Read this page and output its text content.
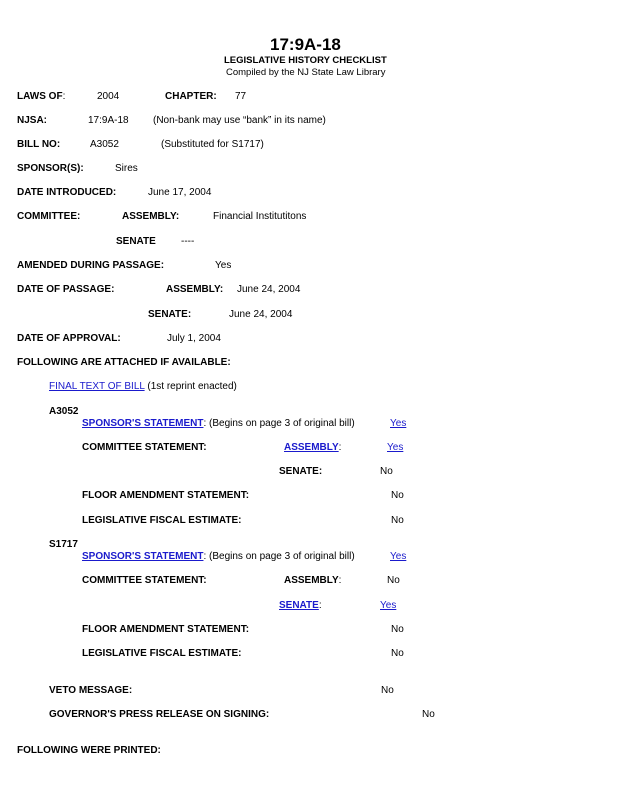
17:9A-18
LEGISLATIVE HISTORY CHECKLIST
Compiled by the NJ State Law Library
LAWS OF:	2004	CHAPTER: 77
NJSA:	17:9A-18 (Non-bank may use “bank” in its name)
BILL NO:	A3052	(Substituted for S1717)
SPONSOR(S):	Sires
DATE INTRODUCED:	June 17, 2004
COMMITTEE:	ASSEMBLY:	Financial Institutitons
SENATE	----
AMENDED DURING PASSAGE:	Yes
DATE OF PASSAGE:	ASSEMBLY: June 24, 2004
SENATE:	June 24, 2004
DATE OF APPROVAL:	July 1, 2004
FOLLOWING ARE ATTACHED IF AVAILABLE:
FINAL TEXT OF BILL (1st reprint enacted)
A3052
SPONSOR'S STATEMENT: (Begins on page 3 of original bill)	Yes
COMMITTEE STATEMENT:	ASSEMBLY:	Yes
SENATE:	No
FLOOR AMENDMENT STATEMENT:	No
LEGISLATIVE FISCAL ESTIMATE:	No
S1717
SPONSOR'S STATEMENT: (Begins on page 3 of original bill)	Yes
COMMITTEE STATEMENT:	ASSEMBLY:	No
SENATE:	Yes
FLOOR AMENDMENT STATEMENT:	No
LEGISLATIVE FISCAL ESTIMATE:	No
VETO MESSAGE:	No
GOVERNOR'S PRESS RELEASE ON SIGNING:	No
FOLLOWING WERE PRINTED:
